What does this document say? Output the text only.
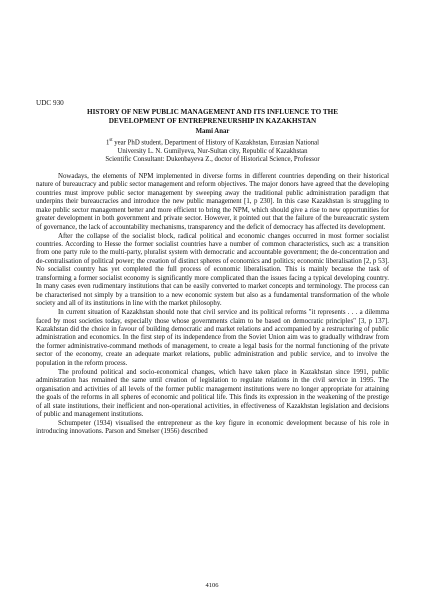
UDC 930

HISTORY OF NEW PUBLIC MANAGEMENT AND ITS INFLUENCE TO THE

DEVELOPMENT OF ENTREPRENEURSHIP IN KAZAKHSTAN

Mami Anar
1st year PhD student, Department of History of Kazakhstan, Eurasian National
University L. N. Gumilyeva, Nur-Sultan city, Republic of Kazakhstan
Scientific Consultant: Dukenbayeva Z., doctor of Historical Science, Professor

Nowadays, the elements of NPM implemented in diverse forms in different countries depending on their historical nature of bureaucracy and public sector management and reform objectives. The major donors have agreed that the developing countries must improve public sector management by sweeping away the traditional public administration paradigm that underpins their bureaucracies and introduce the new public management [1, p 230]. In this case Kazakhstan is struggling to make public sector management better and more efficient to bring the NPM, which should give a rise to new opportunities for greater development in both government and private sector. However, it pointed out that the failure of the bureaucratic system of governance, the lack of accountability mechanisms, transparency and the deficit of democracy has affected its development.

After the collapse of the socialist block, radical political and economic changes occurred in most former socialist countries. According to Hesse the former socialist countries have a number of common characteristics, such as: a transition from one party rule to the multi-party, pluralist system with democratic and accountable government; the de-concentration and de-centralisation of political power; the creation of distinct spheres of economics and politics; economic liberalisation [2, p 53]. No socialist country has yet completed the full process of economic liberalisation. This is mainly because the task of transforming a former socialist economy is significantly more complicated than the issues facing a typical developing country. In many cases even rudimentary institutions that can be easily converted to market concepts and terminology. The process can be characterised not simply by a transition to a new economic system but also as a fundamental transformation of the whole society and all of its institutions in line with the market philosophy.

In current situation of Kazakhstan should note that civil service and its political reforms "it represents . . . a dilemma faced by most societies today, especially those whose governments claim to be based on democratic principles" [3, p 137]. Kazakhstan did the choice in favour of building democratic and market relations and accompanied by a restructuring of public administration and economics. In the first step of its independence from the Soviet Union aim was to gradually withdraw from the former administrative-command methods of management, to create a legal basis for the normal functioning of the private sector of the economy, create an adequate market relations, public administration and public service, and to involve the population in the reform process.

The profound political and socio-economical changes, which have taken place in Kazakhstan since 1991, public administration has remained the same until creation of legislation to regulate relations in the civil service in 1995. The organisation and activities of all levels of the former public management institutions were no longer appropriate for attaining the goals of the reforms in all spheres of economic and political life. This finds its expression in the weakening of the prestige of all state institutions, their inefficient and non-operational activities, in effectiveness of Kazakhstan legislation and decisions of public and management institutions.

Schumpeter (1934) visualised the entrepreneur as the key figure in economic development because of his role in introducing innovations. Parson and Smelser (1956) described

4106
